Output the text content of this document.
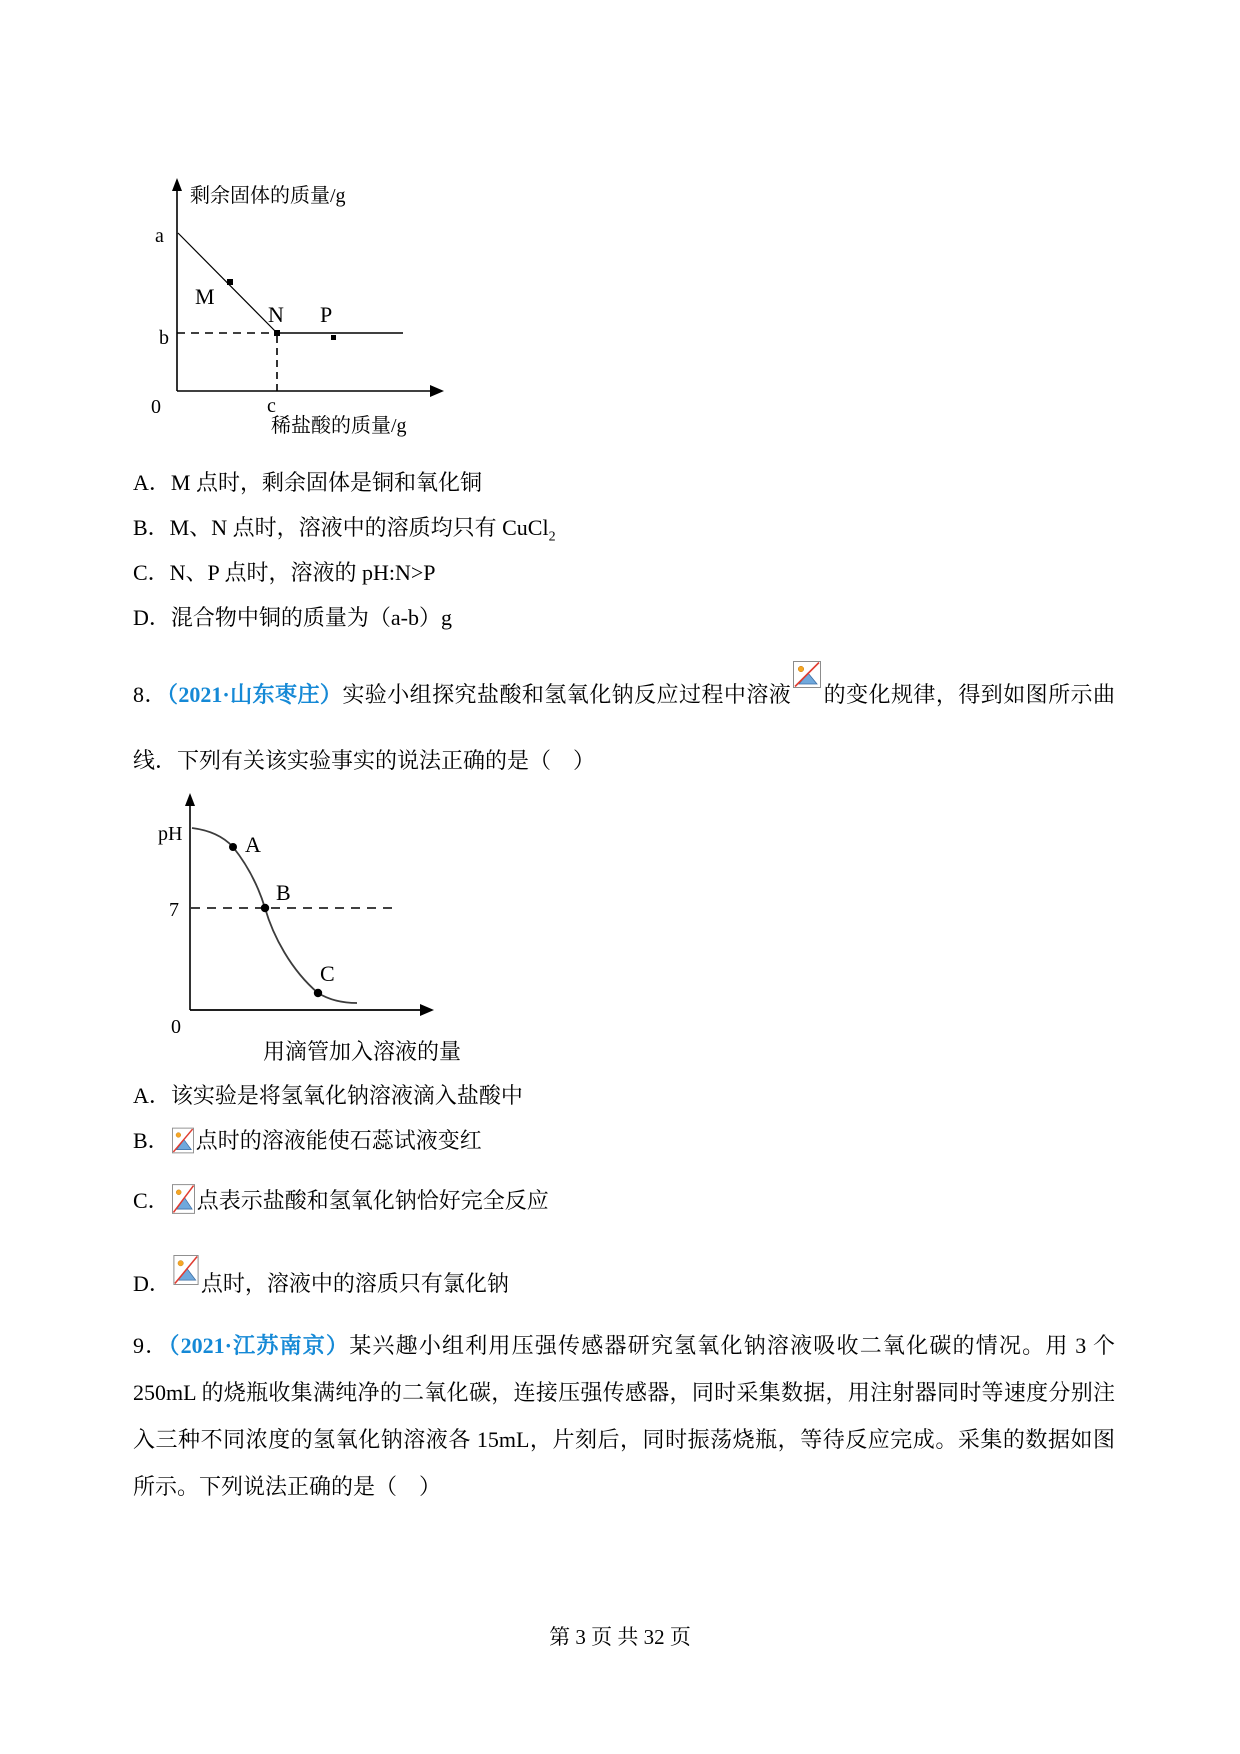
剩余固体的质量/g
a
b
0	c
稀盐酸的质量/g
M
N P
A．M 点时，剩余固体是铜和氧化铜
B．M、N 点时，溶液中的溶质均只有 CuCl$_2$
C．N、P 点时，溶液的 pH:N>P
D．混合物中铜的质量为（a-b）g
8．（2021·山东枣庄）实验小组探究盐酸和氢氧化钠反应过程中溶液 的变化规律，得到如图所示曲线．下列有关该实验事实的说法正确的是（　）
pH
7
0
用滴管加入溶液的量
A
B
C
A．该实验是将氢氧化钠溶液滴入盐酸中
B． 点时的溶液能使石蕊试液变红
C． 点表示盐酸和氢氧化钠恰好完全反应
D． 点时，溶液中的溶质只有氯化钠
9．（2021·江苏南京）某兴趣小组利用压强传感器研究氢氧化钠溶液吸收二氧化碳的情况。用 3 个 250mL 的烧瓶收集满纯净的二氧化碳，连接压强传感器，同时采集数据，用注射器同时等速度分别注入三种不同浓度的氢氧化钠溶液各 15mL，片刻后，同时振荡烧瓶，等待反应完成。采集的数据如图所示。下列说法正确的是（　）
第 3 页 共 32 页
